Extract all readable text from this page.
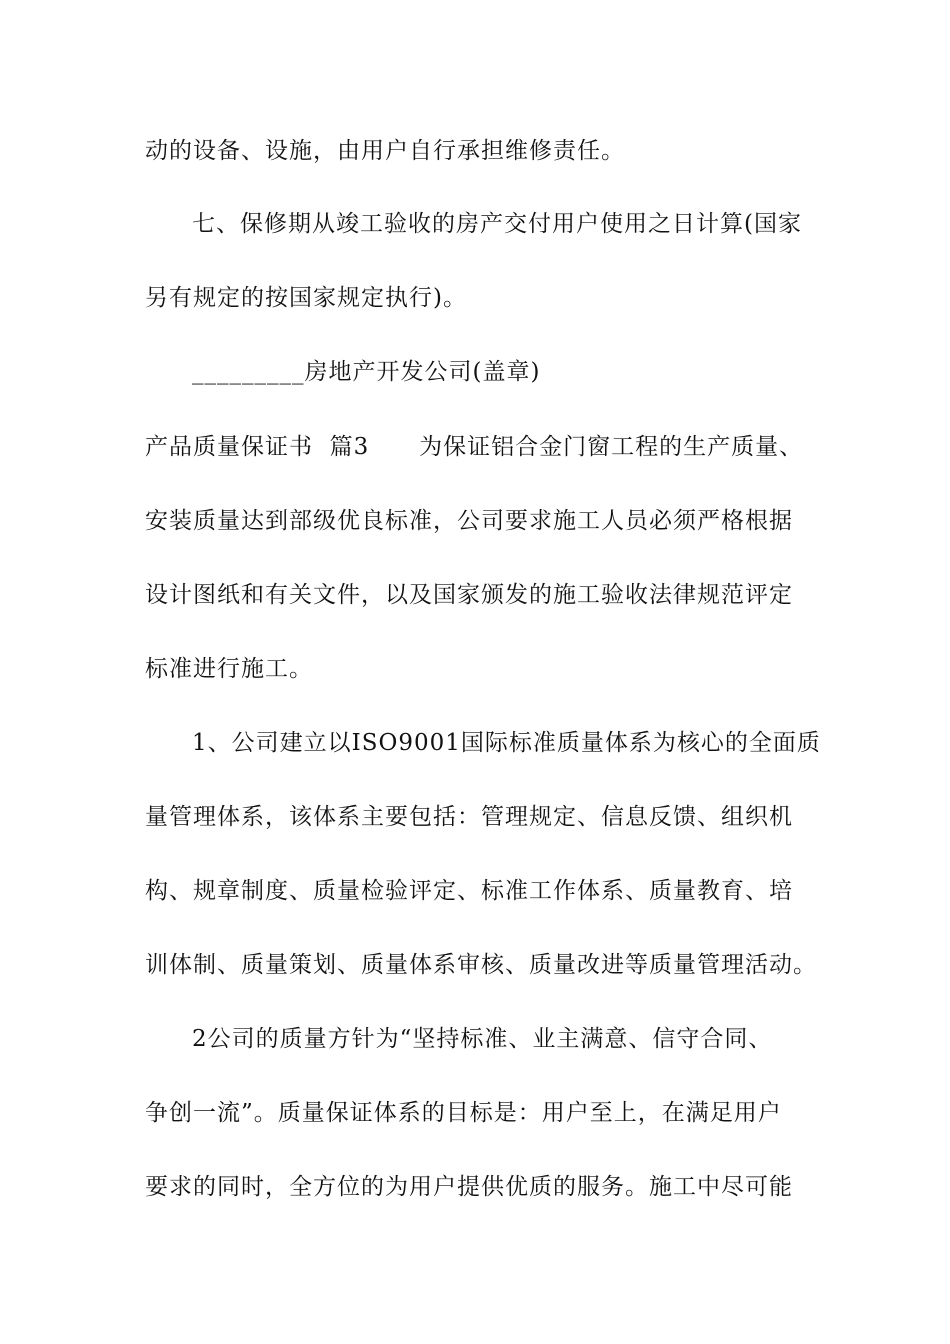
动的设备、设施，由用户自行承担维修责任。
七、保修期从竣工验收的房产交付用户使用之日计算(国家
另有规定的按国家规定执行)。
_________房地产开发公司(盖章)
产品质量保证书  篇3      为保证铝合金门窗工程的生产质量、
安装质量达到部级优良标准，公司要求施工人员必须严格根据
设计图纸和有关文件，以及国家颁发的施工验收法律规范评定
标准进行施工。
1、公司建立以ISO9001国际标准质量体系为核心的全面质
量管理体系，该体系主要包括：管理规定、信息反馈、组织机
构、规章制度、质量检验评定、标准工作体系、质量教育、培
训体制、质量策划、质量体系审核、质量改进等质量管理活动。
2公司的质量方针为“坚持标准、业主满意、信守合同、
争创一流”。质量保证体系的目标是：用户至上，在满足用户
要求的同时，全方位的为用户提供优质的服务。施工中尽可能
